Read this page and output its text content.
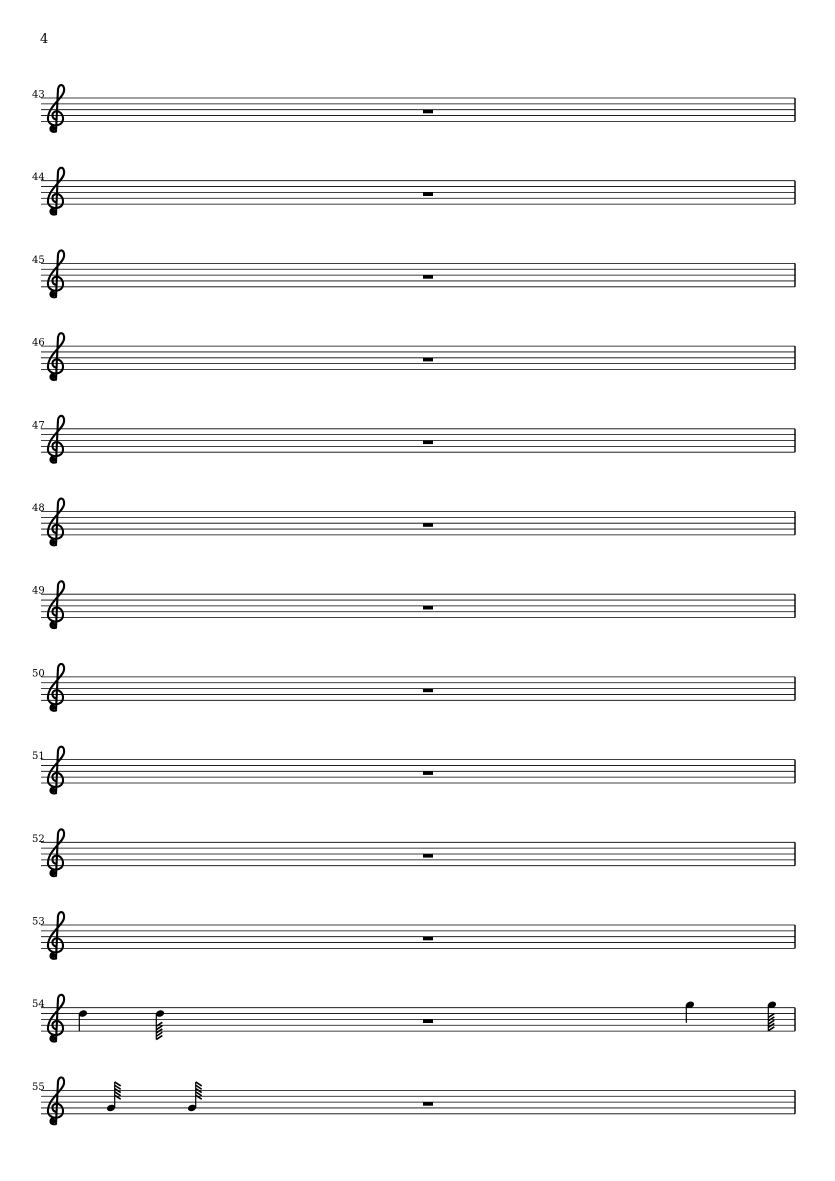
4
43
44
45
46
47
48
49
50
51
52
53
54
55
